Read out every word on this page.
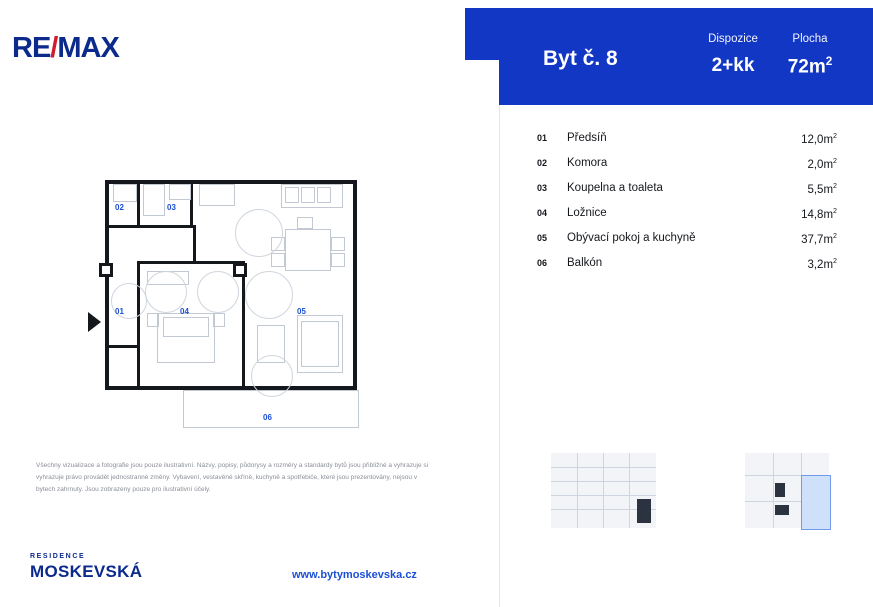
RE/MAX
02	03
01	04	05
06
Všechny vizualizace a fotografie jsou pouze ilustrativní. Názvy, popisy, půdorysy a rozměry a standardy bytů jsou přibližné a vyhrazuje si vyhrazuje právo provádět jednostranné změny. Vybavení, vestavěné skříně, kuchyně a spotřebiče, které jsou prezentovány, nejsou v bytech zahrnuty. Jsou zobrazeny pouze pro ilustrativní účely.
RESIDENCE
MOSKEVSKÁ	www.bytymoskevska.cz
Byt č. 8
Dispozice
2+kk
Plocha
$72m^2$
01 Předsíň	$12,0m^2$
02 Komora	$2,0m^2$
03 Koupelna a toaleta	$5,5m^2$
04 Ložnice	$14,8m^2$
05 Obývací pokoj a kuchyně	$37,7m^2$
06 Balkón	$3,2m^2$
